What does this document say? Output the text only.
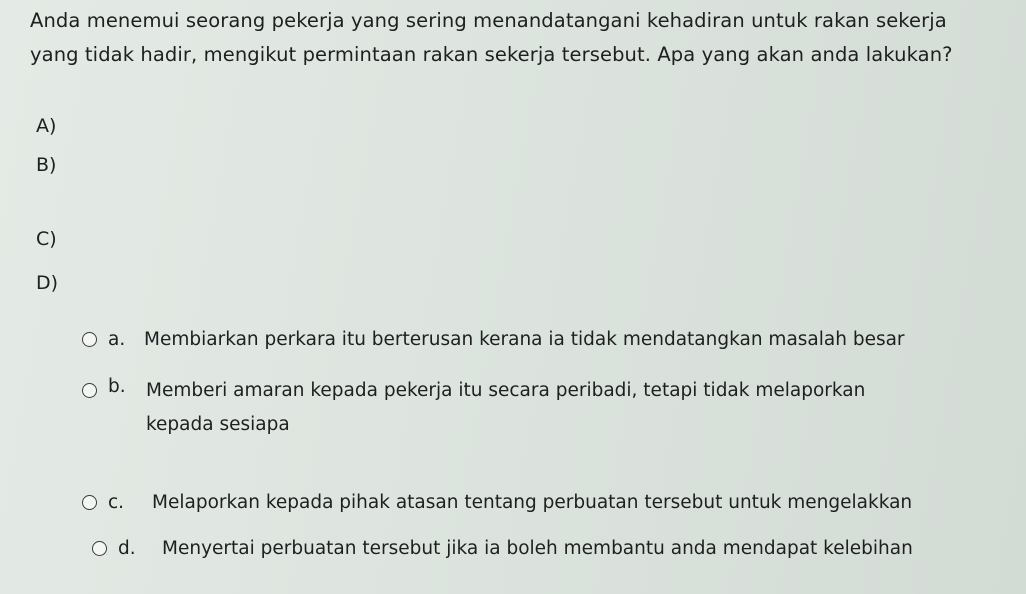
Anda menemui seorang pekerja yang sering menandatangani kehadiran untuk rakan sekerja yang tidak hadir, mengikut permintaan rakan sekerja tersebut. Apa yang akan anda lakukan?
A)
B)
C)
D)
a. Membiarkan perkara itu berterusan kerana ia tidak mendatangkan masalah besar
b. Memberi amaran kepada pekerja itu secara peribadi, tetapi tidak melaporkan kepada sesiapa
c. Melaporkan kepada pihak atasan tentang perbuatan tersebut untuk mengelakkan
d. Menyertai perbuatan tersebut jika ia boleh membantu anda mendapat kelebihan
